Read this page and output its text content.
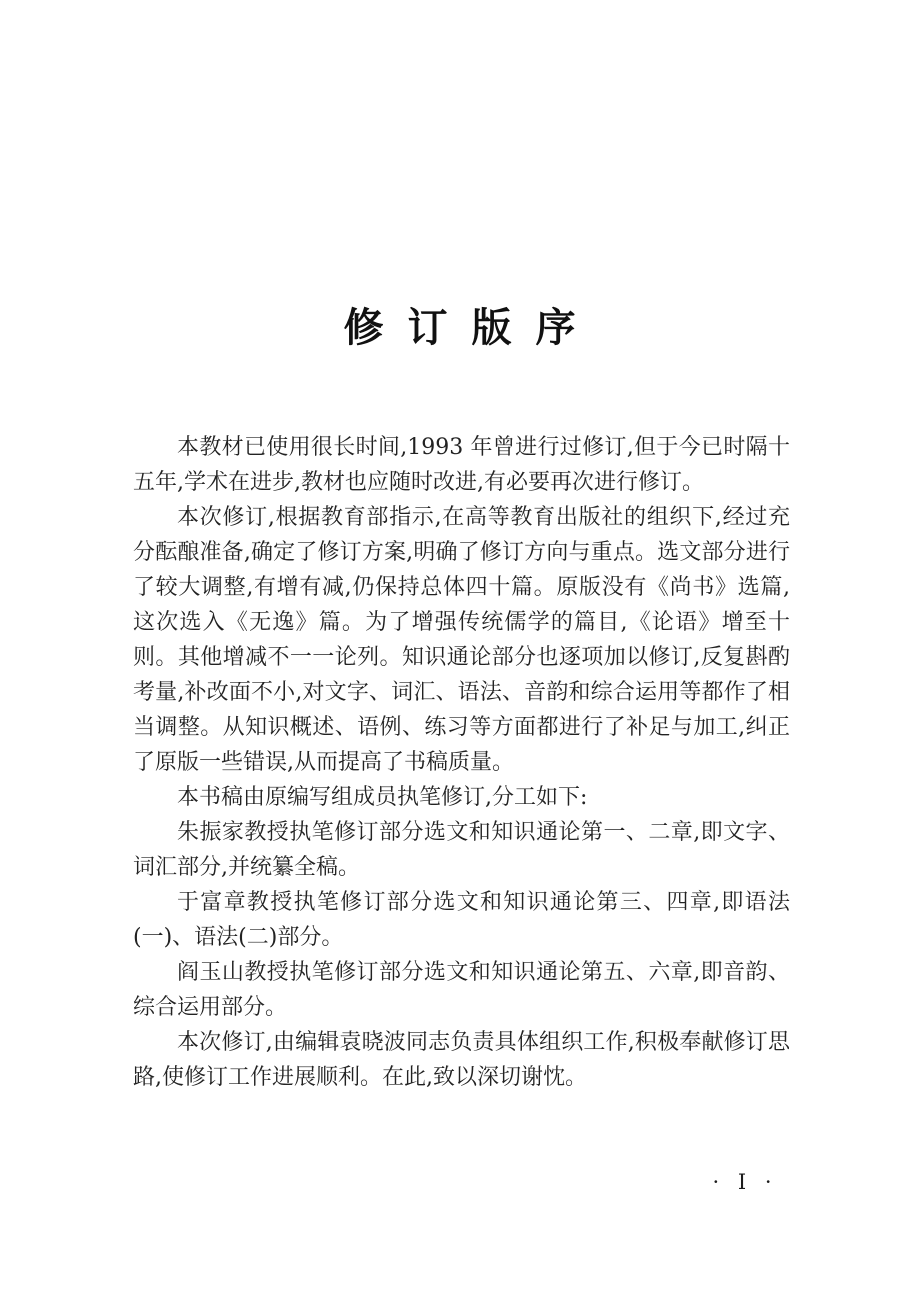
修订版序

本教材已使用很长时间,1993 年曾进行过修订,但于今已时隔十五年,学术在进步,教材也应随时改进,有必要再次进行修订。

本次修订,根据教育部指示,在高等教育出版社的组织下,经过充分酝酿准备,确定了修订方案,明确了修订方向与重点。选文部分进行了较大调整,有增有减,仍保持总体四十篇。原版没有《尚书》选篇,这次选入《无逸》篇。为了增强传统儒学的篇目,《论语》增至十则。其他增减不一一论列。知识通论部分也逐项加以修订,反复斟酌考量,补改面不小,对文字、词汇、语法、音韵和综合运用等都作了相当调整。从知识概述、语例、练习等方面都进行了补足与加工,纠正了原版一些错误,从而提高了书稿质量。

本书稿由原编写组成员执笔修订,分工如下:

朱振家教授执笔修订部分选文和知识通论第一、二章,即文字、词汇部分,并统纂全稿。

于富章教授执笔修订部分选文和知识通论第三、四章,即语法(一)、语法(二)部分。

阎玉山教授执笔修订部分选文和知识通论第五、六章,即音韵、综合运用部分。

本次修订,由编辑袁晓波同志负责具体组织工作,积极奉献修订思路,使修订工作进展顺利。在此,致以深切谢忱。

· Ⅰ ·
